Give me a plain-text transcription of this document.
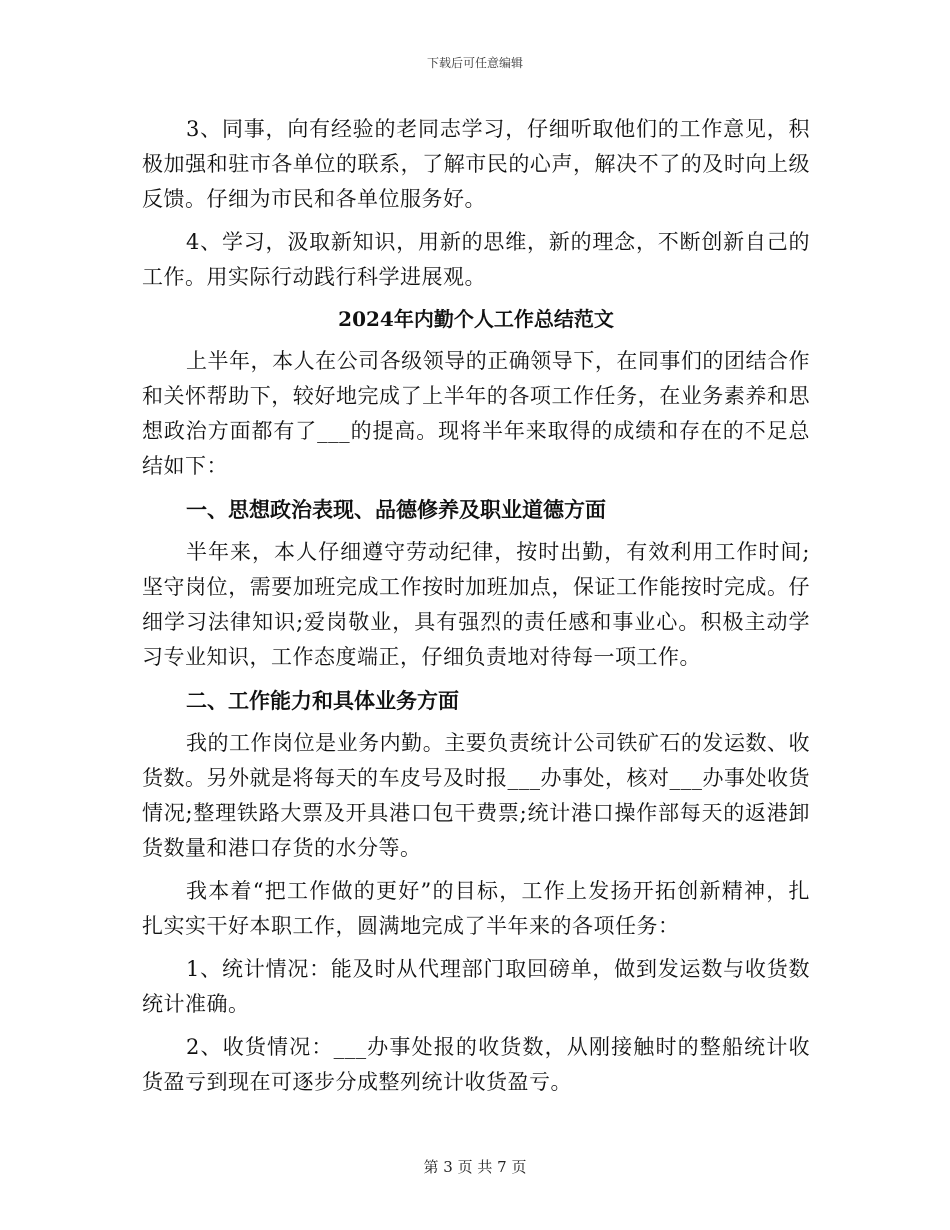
下载后可任意编辑

3、同事，向有经验的老同志学习，仔细听取他们的工作意见，积极加强和驻市各单位的联系，了解市民的心声，解决不了的及时向上级反馈。仔细为市民和各单位服务好。

4、学习，汲取新知识，用新的思维，新的理念，不断创新自己的工作。用实际行动践行科学进展观。

2024年内勤个人工作总结范文

上半年，本人在公司各级领导的正确领导下，在同事们的团结合作和关怀帮助下，较好地完成了上半年的各项工作任务，在业务素养和思想政治方面都有了___的提高。现将半年来取得的成绩和存在的不足总结如下：

一、思想政治表现、品德修养及职业道德方面

半年来，本人仔细遵守劳动纪律，按时出勤，有效利用工作时间;坚守岗位，需要加班完成工作按时加班加点，保证工作能按时完成。仔细学习法律知识;爱岗敬业，具有强烈的责任感和事业心。积极主动学习专业知识，工作态度端正，仔细负责地对待每一项工作。

二、工作能力和具体业务方面

我的工作岗位是业务内勤。主要负责统计公司铁矿石的发运数、收货数。另外就是将每天的车皮号及时报___办事处，核对___办事处收货情况;整理铁路大票及开具港口包干费票;统计港口操作部每天的返港卸货数量和港口存货的水分等。

我本着“把工作做的更好”的目标，工作上发扬开拓创新精神，扎扎实实干好本职工作，圆满地完成了半年来的各项任务：

1、统计情况：能及时从代理部门取回磅单，做到发运数与收货数统计准确。

2、收货情况：___办事处报的收货数，从刚接触时的整船统计收货盈亏到现在可逐步分成整列统计收货盈亏。

第 3 页 共 7 页
